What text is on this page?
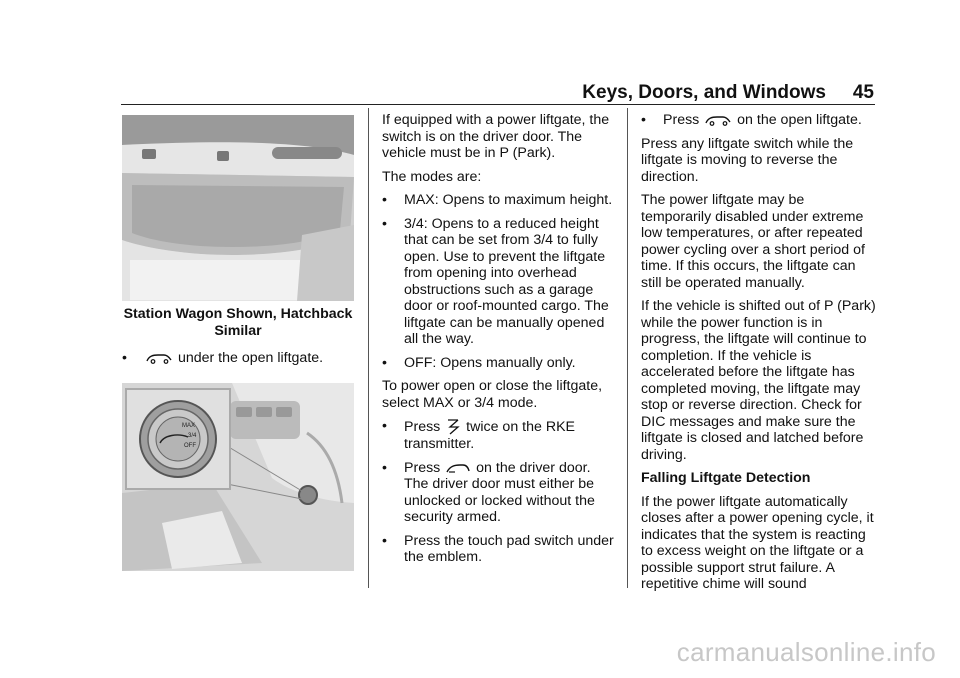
Keys, Doors, and Windows 45
Station Wagon Shown, Hatchback Similar
•	under the open liftgate.
MAX
3/4
OFF

If equipped with a power liftgate, the switch is on the driver door. The vehicle must be in P (Park).

The modes are:

• MAX: Opens to maximum height.
• 3/4: Opens to a reduced height that can be set from 3/4 to fully open. Use to prevent the liftgate from opening into overhead obstructions such as a garage door or roof-mounted cargo. The liftgate can be manually opened all the way.
• OFF: Opens manually only.

To power open or close the liftgate, select MAX or 3/4 mode.

• Press twice on the RKE transmitter.
• Press	on the driver door. The driver door must either be unlocked or locked without the security armed.
• Press the touch pad switch under the emblem.
• Press	on the open liftgate.

Press any liftgate switch while the liftgate is moving to reverse the direction.

The power liftgate may be temporarily disabled under extreme low temperatures, or after repeated power cycling over a short period of time. If this occurs, the liftgate can still be operated manually.

If the vehicle is shifted out of P (Park) while the power function is in progress, the liftgate will continue to completion. If the vehicle is accelerated before the liftgate has completed moving, the liftgate may stop or reverse direction. Check for DIC messages and make sure the liftgate is closed and latched before driving.

Falling Liftgate Detection

If the power liftgate automatically closes after a power opening cycle, it indicates that the system is reacting to excess weight on the liftgate or a possible support strut failure. A repetitive chime will sound

carmanualsonline.info
